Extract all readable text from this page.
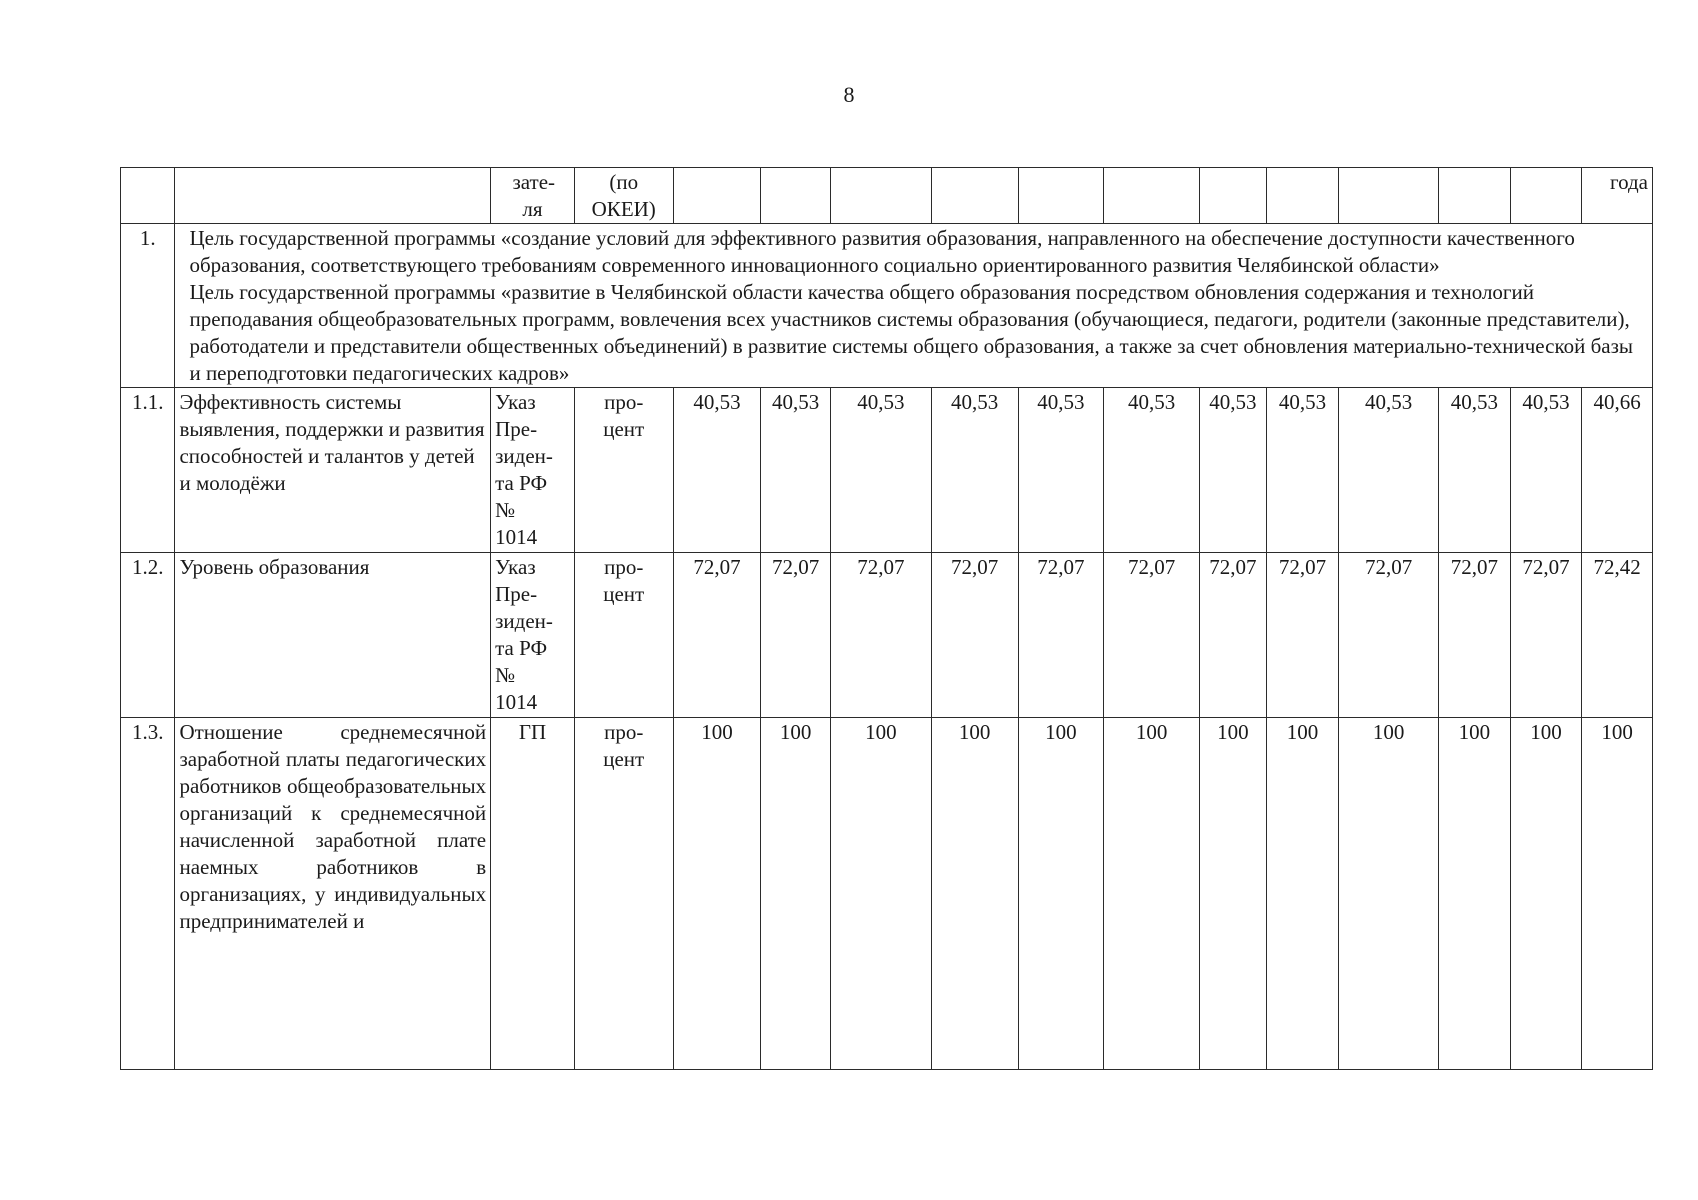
8

		зате-ля	(по ОКЕИ)												года
1.	Цель государственной программы «создание условий для эффективного развития образования, направленного на обеспечение доступности качественного образования, соответствующего требованиям современного инновационного социально ориентированного развития Челябинской области»
Цель государственной программы «развитие в Челябинской области качества общего образования посредством обновления содержания и технологий преподавания общеобразовательных программ, вовлечения всех участников системы образования (обучающиеся, педагоги, родители (законные представители), работодатели и представители общественных объединений) в развитие системы общего образования, а также за счет обновления материально-технической базы и переподготовки педагогических кадров»														

1.1.	Эффективность системы выявления, поддержки и развития способностей и талантов у детей и молодёжи	Указ Пре-зиден-та РФ № 1014	про-цент	40,53	40,53	40,53	40,53	40,53	40,53	40,53	40,53	40,53	40,53	40,53	40,66
1.2.	Уровень образования	Указ Пре-зиден-та РФ № 1014	про-цент	72,07	72,07	72,07	72,07	72,07	72,07	72,07	72,07	72,07	72,07	72,07	72,42
1.3.	Отношение среднемесячной заработной платы педагогических работников общеобразовательных организаций к среднемесячной начисленной заработной плате наемных работников в организациях, у индивидуальных предпринимателей и	ГП	про-цент	100	100	100	100	100	100	100	100	100	100	100	100
